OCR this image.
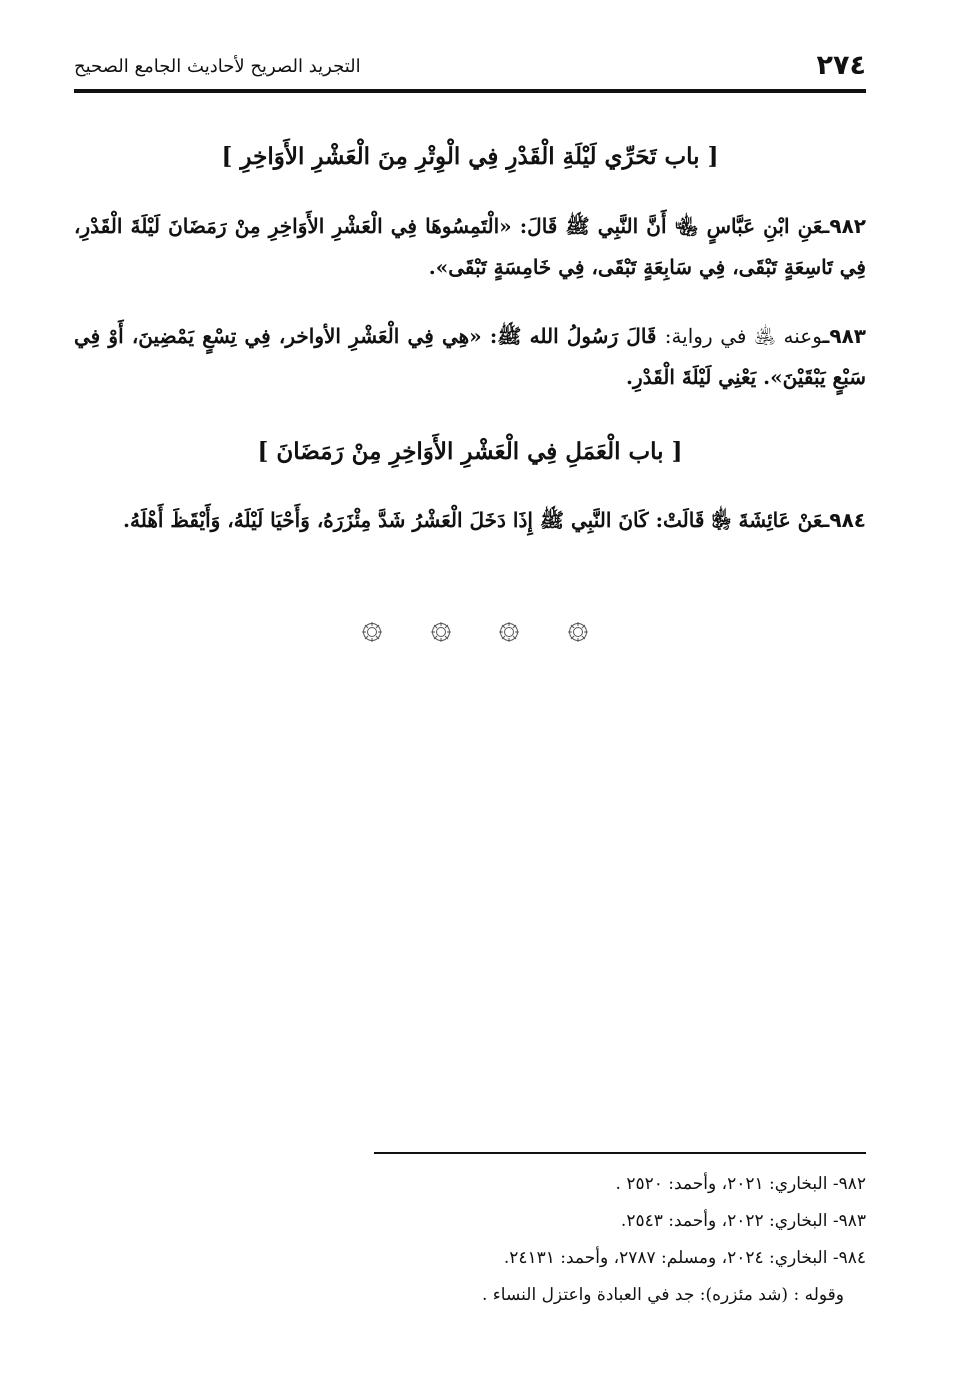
٢٧٤
التجريد الصريح لأحاديث الجامع الصحيح
[ باب تَحَرِّي لَيْلَةِ الْقَدْرِ فِي الْوِتْرِ مِنَ الْعَشْرِ الأَوَاخِرِ ]
٩٨٢ـعَنِ ابْنِ عَبَّاسٍ ﵄ أَنَّ النَّبِي ﷺ قَالَ: «الْتَمِسُوهَا فِي الْعَشْرِ الأَوَاخِرِ مِنْ رَمَضَانَ لَيْلَةَ الْقَدْرِ، فِي تَاسِعَةٍ تَبْقَى، فِي سَابِعَةٍ تَبْقَى، فِي خَامِسَةٍ تَبْقَى».
٩٨٣ـوعنه ﵁ في رواية: قَالَ رَسُولُ الله ﷺ: «هِي فِي الْعَشْرِ الأواخر، فِي تِسْعٍ يَمْضِينَ، أَوْ فِي سَبْعٍ يَبْقَيْنَ». يَعْنِي لَيْلَةَ الْقَدْرِ.
[ باب الْعَمَلِ فِي الْعَشْرِ الأَوَاخِرِ مِنْ رَمَضَانَ ]
٩٨٤ـعَنْ عَائِشَةَ ﵂ قَالَتْ: كَانَ النَّبِي ﷺ إِذَا دَخَلَ الْعَشْرُ شَدَّ مِئْزَرَهُ، وَأَحْيَا لَيْلَهُ، وَأَيْقَظَ أَهْلَهُ.
٩٨٢- البخاري: ٢٠٢١، وأحمد: ٢٥٢٠ .
٩٨٣- البخاري: ٢٠٢٢، وأحمد: ٢٥٤٣.
٩٨٤- البخاري: ٢٠٢٤، ومسلم: ٢٧٨٧، وأحمد: ٢٤١٣١.
وقوله : (شد مئزره): جد في العبادة واعتزل النساء .
